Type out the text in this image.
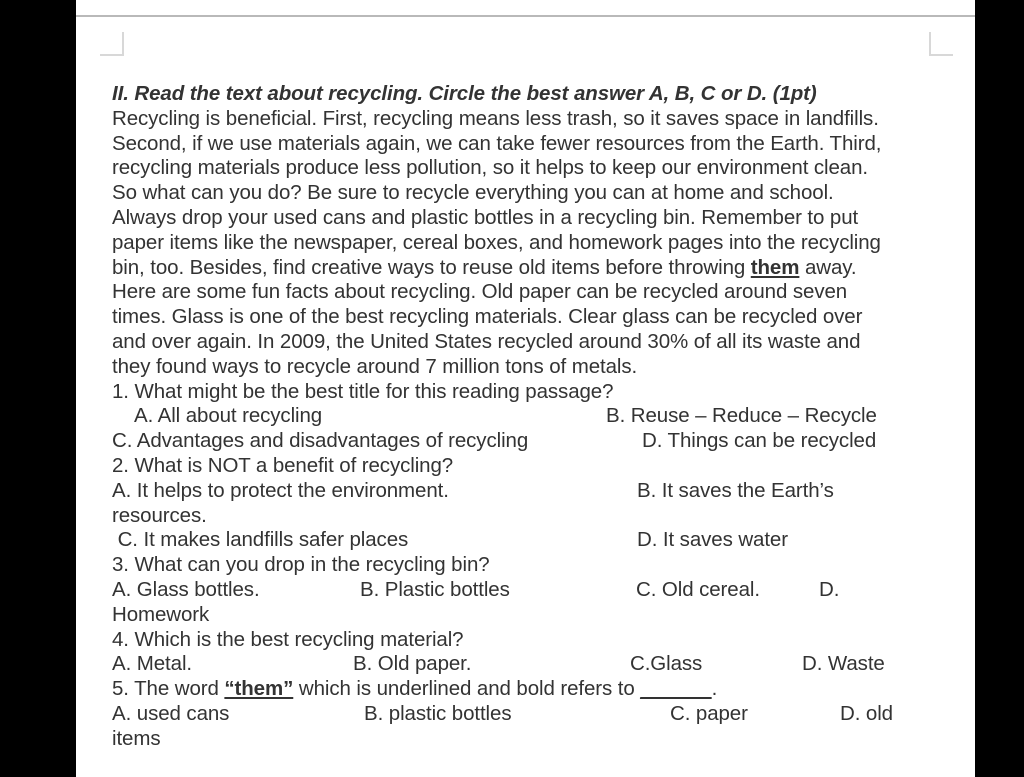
II. Read the text about recycling. Circle the best answer A, B, C or D. (1pt)

Recycling is beneficial. First, recycling means less trash, so it saves space in landfills.

Second, if we use materials again, we can take fewer resources from the Earth. Third,

recycling materials produce less pollution, so it helps to keep our environment clean.

So what can you do? Be sure to recycle everything you can at home and school.

Always drop your used cans and plastic bottles in a recycling bin. Remember to put

paper items like the newspaper, cereal boxes, and homework pages into the recycling

bin, too. Besides, find creative ways to reuse old items before throwing them away.

Here are some fun facts about recycling. Old paper can be recycled around seven

times. Glass is one of the best recycling materials. Clear glass can be recycled over

and over again. In 2009, the United States recycled around 30% of all its waste and

they found ways to recycle around 7 million tons of metals.

1. What might be the best title for this reading passage?
A. All about recycling	B. Reuse – Reduce – Recycle
C. Advantages and disadvantages of recycling	D. Things can be recycled
2. What is NOT a benefit of recycling?
A. It helps to protect the environment.	B. It saves the Earth’s
resources.
C. It makes landfills safer places	D. It saves water
3. What can you drop in the recycling bin?
A. Glass bottles.	B. Plastic bottles	C. Old cereal.	D.
Homework
4. Which is the best recycling material?
A. Metal.	B. Old paper.	C.Glass	D. Waste
5. The word “them” which is underlined and bold refers to ______.
A. used cans	B. plastic bottles	C. paper	D. old
items
